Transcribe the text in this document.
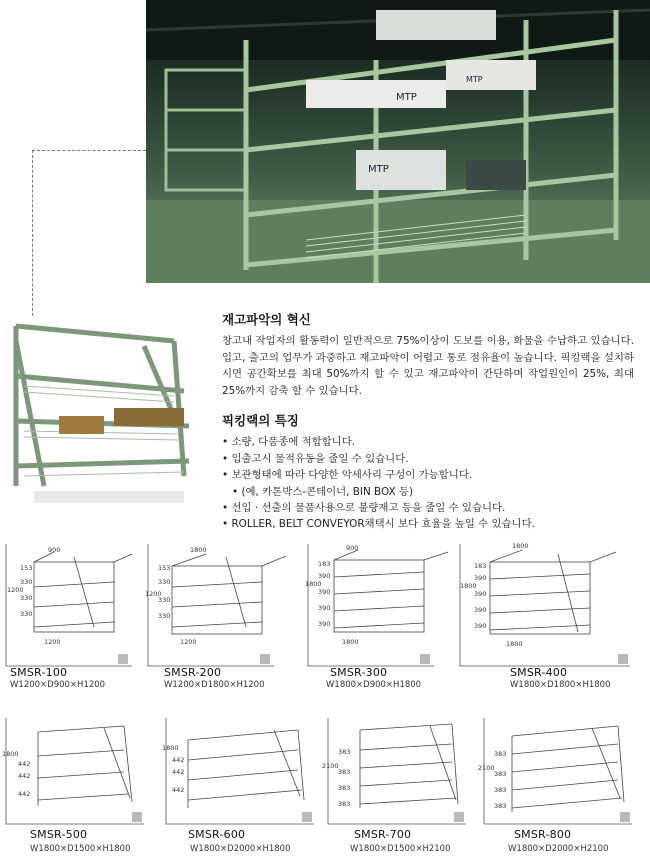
MTP
MTP
MTP
재고파악의 혁신
창고내 작업자의 활동력이 일반적으로 75%이상이 도보를 이용, 화물을 수납하고 있습니다. 입고, 출고의 업무가 과중하고 재고파악이 어렵고 통로 점유율이 높습니다. 픽킹랙을 설치하시면 공간확보를 최대 50%까지 할 수 있고 재고파악이 간단하며 작업원인이 25%, 최대 25%까지 감축 할 수 있습니다.
픽킹랙의 특징
• 소량, 다품종에 적합합니다.
• 입출고시 물적유동을 줄일 수 있습니다.
• 보관형태에 따라 다양한 악세사리 구성이 가능합니다.
• (예, 카톤박스-콘테이너, BIN BOX 등)
• 선입 · 선출의 물품사용으로 불량재고 등을 줄일 수 있습니다.
• ROLLER, BELT CONVEYOR채택시 보다 효율을 높일 수 있습니다.
900
153
330
1200
330
330
1200
SMSR-100
W1200×D900×H1200
1800
153
330
1200
330
330
1200
SMSR-200
W1200×D1800×H1200
900
183
390
1800
390
390
390
1800
SMSR-300
W1800×D900×H1800
1800
183
390
1800
390
390
390
1800
SMSR-400
W1800×D1800×H1800
1800
442
442
442
SMSR-500
W1800×D1500×H1800
1800
442
442
442
SMSR-600
W1800×D2000×H1800
383
2100
383
383
383
SMSR-700
W1800×D1500×H2100
383
2100
383
383
383
SMSR-800
W1800×D2000×H2100
